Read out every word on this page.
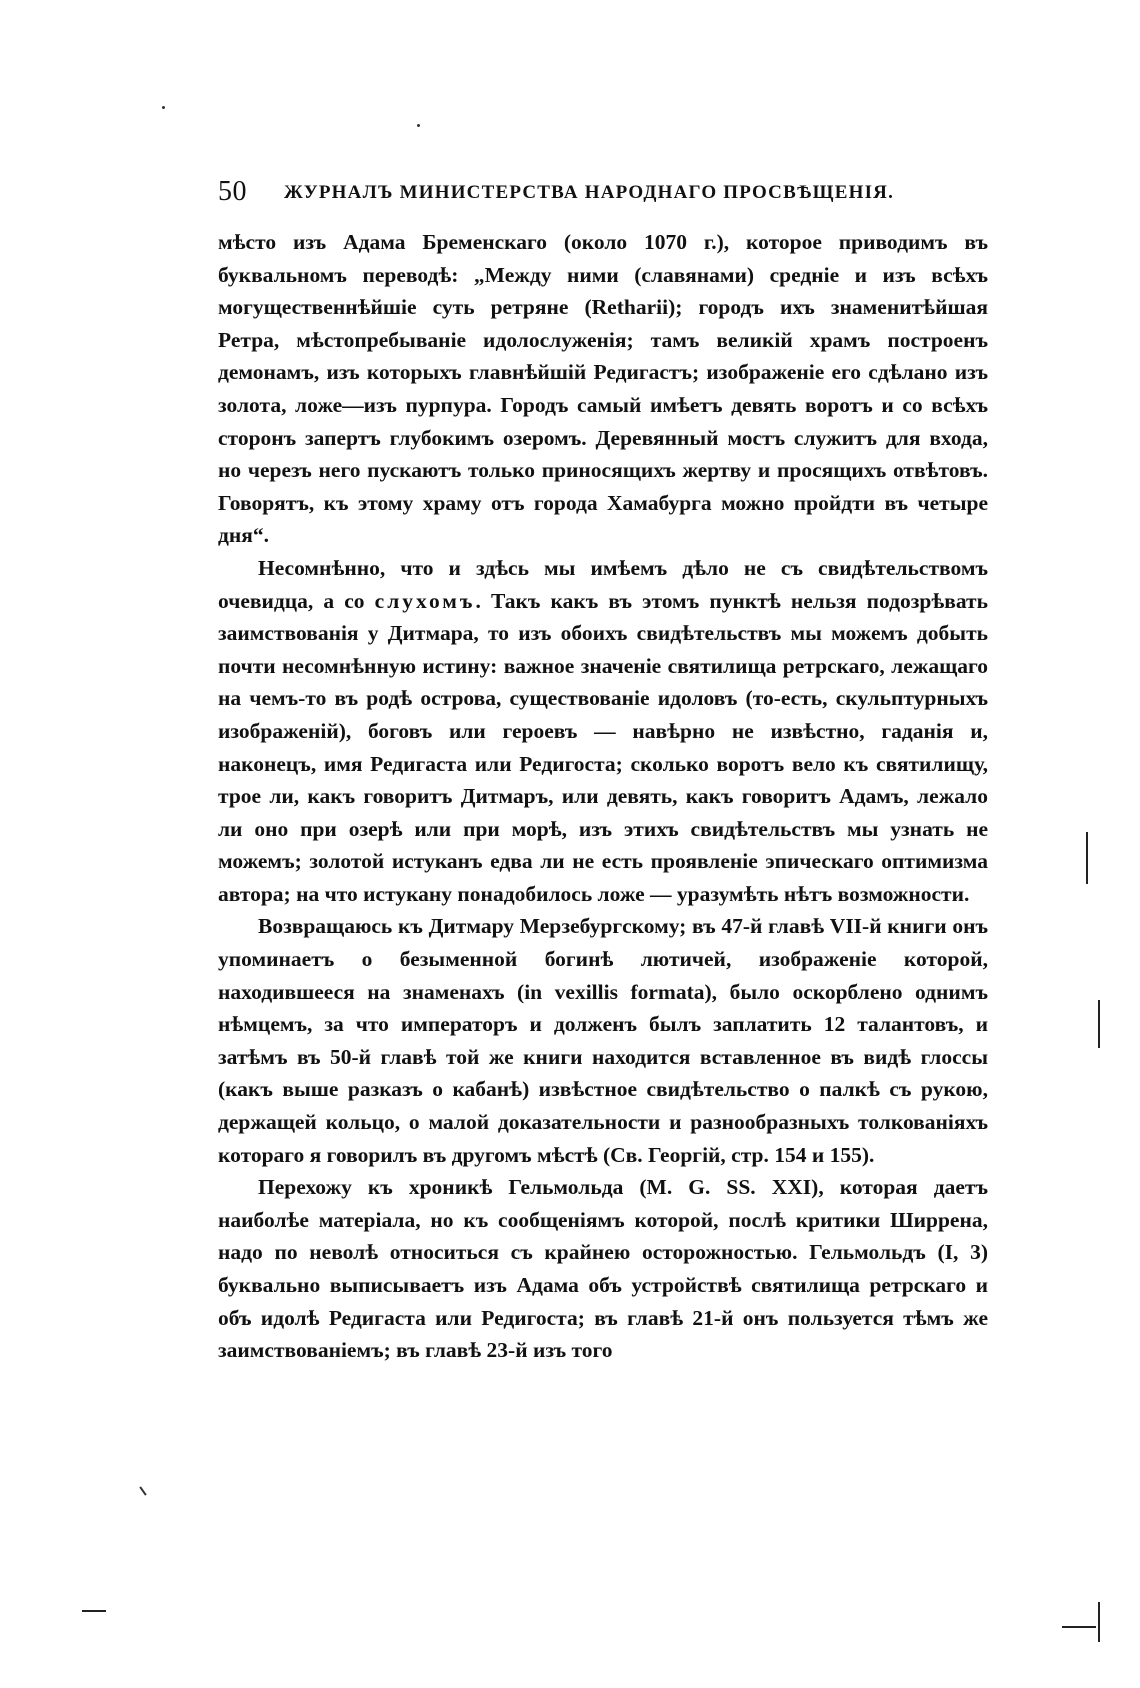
50 ЖУРНАЛЪ МИНИСТЕРСТВА НАРОДНАГО ПРОСВѢЩЕНІЯ.

мѣсто изъ Адама Бременскаго (около 1070 г.), которое приводимъ въ буквальномъ переводѣ: „Между ними (славянами) средніе и изъ всѣхъ могущественнѣйшіе суть ретряне (Retharii); городъ ихъ знаменитѣйшая Ретра, мѣстопребываніе идолослуженія; тамъ великій храмъ построенъ демонамъ, изъ которыхъ главнѣйшій Редигастъ; изображеніе его сдѣлано изъ золота, ложе—изъ пурпура. Городъ самый имѣетъ девять воротъ и со всѣхъ сторонъ запертъ глубокимъ озеромъ. Деревянный мостъ служитъ для входа, но черезъ него пускаютъ только приносящихъ жертву и просящихъ отвѣтовъ. Говорятъ, къ этому храму отъ города Хамабурга можно пройдти въ четыре дня“.

Несомнѣнно, что и здѣсь мы имѣемъ дѣло не съ свидѣтельствомъ очевидца, а со слухомъ. Такъ какъ въ этомъ пунктѣ нельзя подозрѣвать заимствованія у Дитмара, то изъ обоихъ свидѣтельствъ мы можемъ добыть почти несомнѣнную истину: важное значеніе святилища ретрскаго, лежащаго на чемъ-то въ родѣ острова, существованіе идоловъ (то-есть, скульптурныхъ изображеній), боговъ или героевъ — навѣрно не извѣстно, гаданія и, наконецъ, имя Редигаста или Редигоста; сколько воротъ вело къ святилищу, трое ли, какъ говоритъ Дитмаръ, или девять, какъ говоритъ Адамъ, лежало ли оно при озерѣ или при морѣ, изъ этихъ свидѣтельствъ мы узнать не можемъ; золотой истуканъ едва ли не есть проявленіе эпическаго оптимизма автора; на что истукану понадобилось ложе — уразумѣть нѣтъ возможности.

Возвращаюсь къ Дитмару Мерзебургскому; въ 47-й главѣ VII-й книги онъ упоминаетъ о безыменной богинѣ лютичей, изображеніе которой, находившееся на знаменахъ (in vexillis formata), было оскорблено однимъ нѣмцемъ, за что императоръ и долженъ былъ заплатить 12 талантовъ, и затѣмъ въ 50-й главѣ той же книги находится вставленное въ видѣ глоссы (какъ выше разказъ о кабанѣ) извѣстное свидѣтельство о палкѣ съ рукою, держащей кольцо, о малой доказательности и разнообразныхъ толкованіяхъ котораго я говорилъ въ другомъ мѣстѣ (Св. Георгій, стр. 154 и 155).

Перехожу къ хроникѣ Гельмольда (M. G. SS. XXI), которая даетъ наиболѣе матеріала, но къ сообщеніямъ которой, послѣ критики Ширрена, надо по неволѣ относиться съ крайнею осторожностью. Гельмольдъ (I, 3) буквально выписываетъ изъ Адама объ устройствѣ святилища ретрскаго и объ идолѣ Редигаста или Редигоста; въ главѣ 21-й онъ пользуется тѣмъ же заимствованіемъ; въ главѣ 23-й изъ того
